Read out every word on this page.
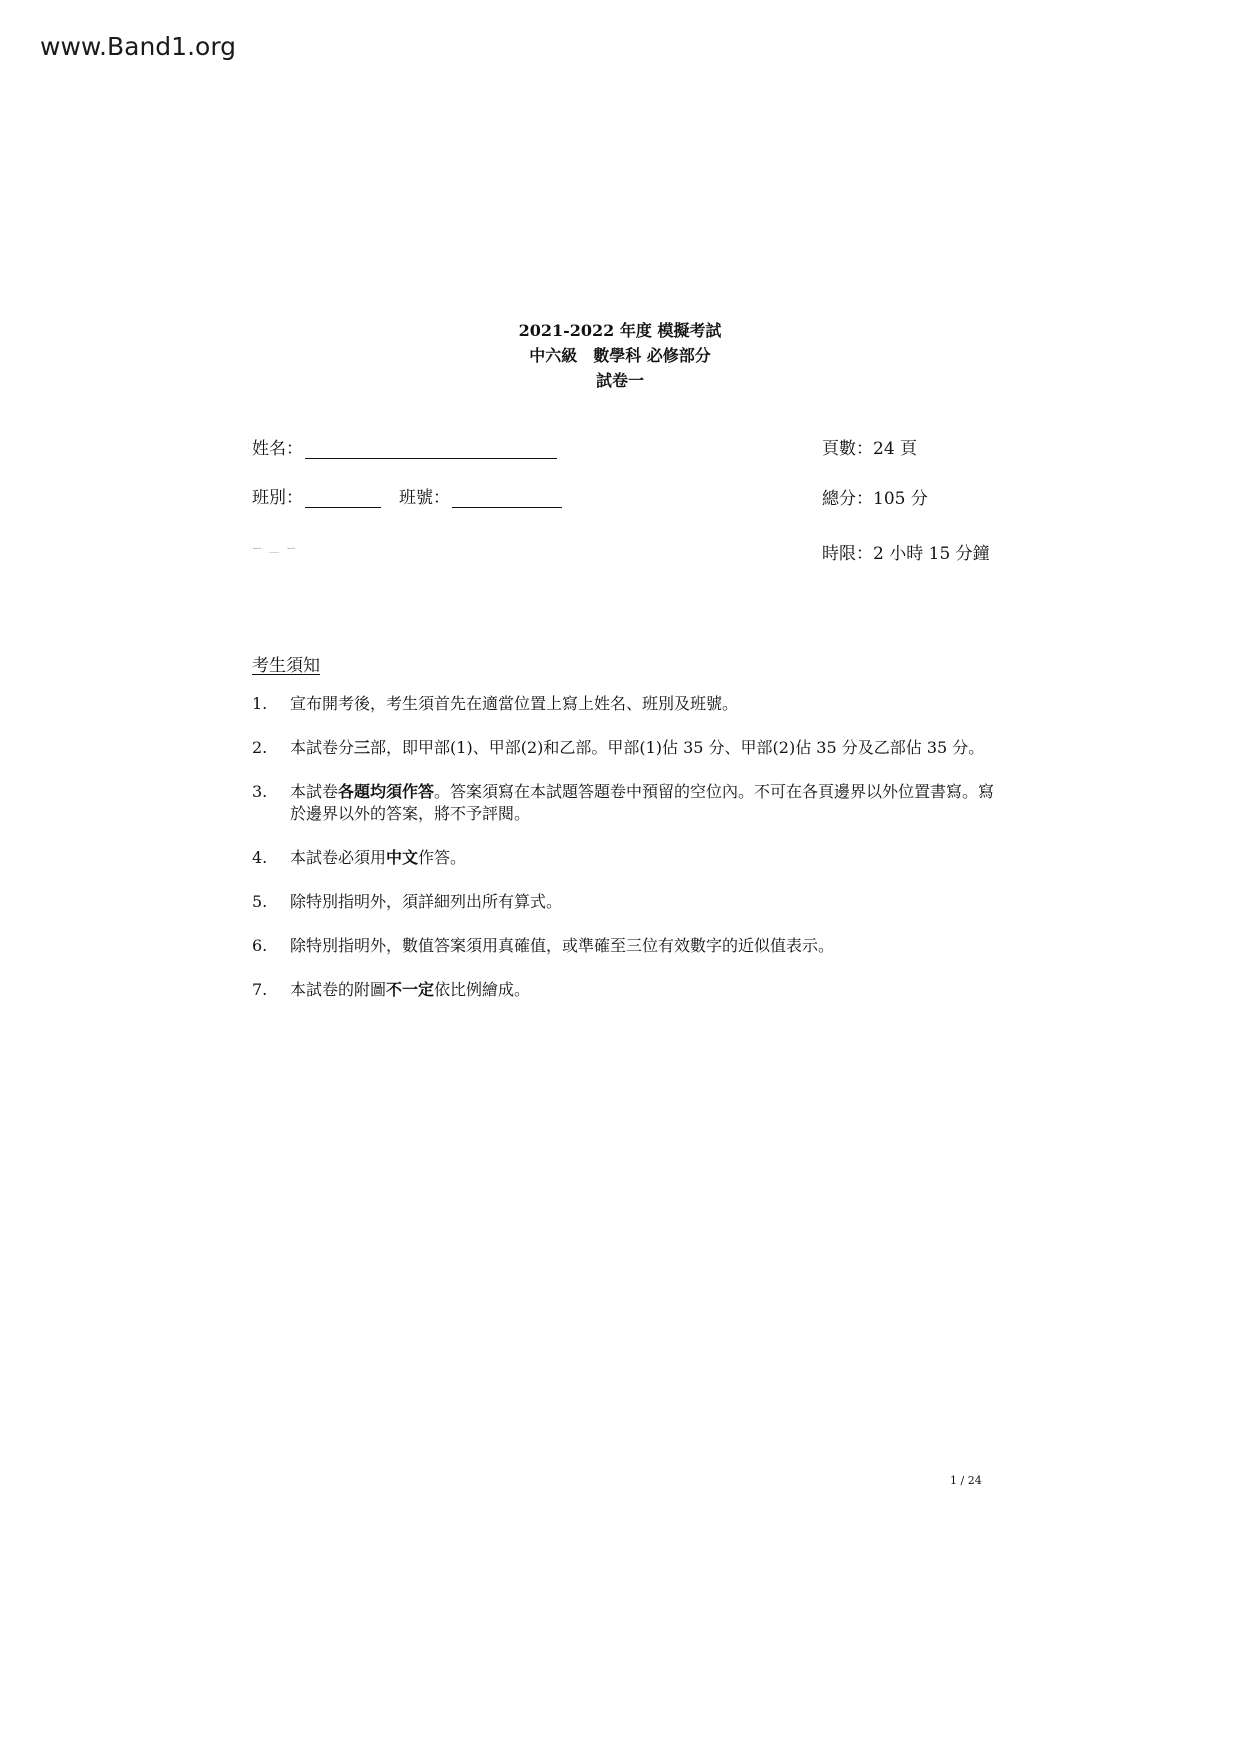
www.Band1.org
2021-2022 年度 模擬考試
中六級　數學科 必修部分
試卷一
姓名：
班別：	班號：
ー ＿ ー
頁數：24 頁
總分：105 分
時限：2 小時 15 分鐘
考生須知
1.	宣布開考後，考生須首先在適當位置上寫上姓名、班別及班號。
2.	本試卷分三部，即甲部(1)、甲部(2)和乙部。甲部(1)佔 35 分、甲部(2)佔 35 分及乙部佔 35 分。
3.	本試卷各題均須作答。答案須寫在本試題答題卷中預留的空位內。不可在各頁邊界以外位置書寫。寫於邊界以外的答案，將不予評閱。
4.	本試卷必須用中文作答。
5.	除特別指明外，須詳細列出所有算式。
6.	除特別指明外，數值答案須用真確值，或準確至三位有效數字的近似值表示。
7.	本試卷的附圖不一定依比例繪成。
1 / 24
